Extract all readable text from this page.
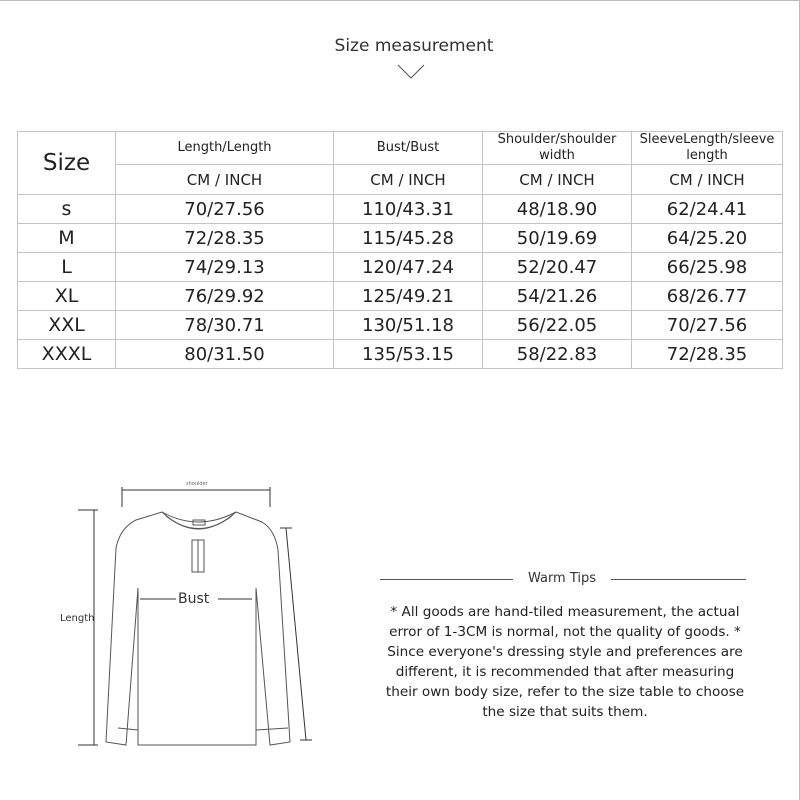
Size measurement
Size	Length/Length	Bust/Bust	Shoulder/shoulder width	SleeveLength/sleeve length
	CM / INCH	CM / INCH	CM / INCH	CM / INCH
s	70/27.56	110/43.31	48/18.90	62/24.41
M	72/28.35	115/45.28	50/19.69	64/25.20
L	74/29.13	120/47.24	52/20.47	66/25.98
XL	76/29.92	125/49.21	54/21.26	68/26.77
XXL	78/30.71	130/51.18	56/22.05	70/27.56
XXXL	80/31.50	135/53.15	58/22.83	72/28.35
shoulder
Length
Bust
Warm Tips
* All goods are hand-tiled measurement, the actual error of 1-3CM is normal, not the quality of goods. * Since everyone's dressing style and preferences are different, it is recommended that after measuring their own body size, refer to the size table to choose the size that suits them.
